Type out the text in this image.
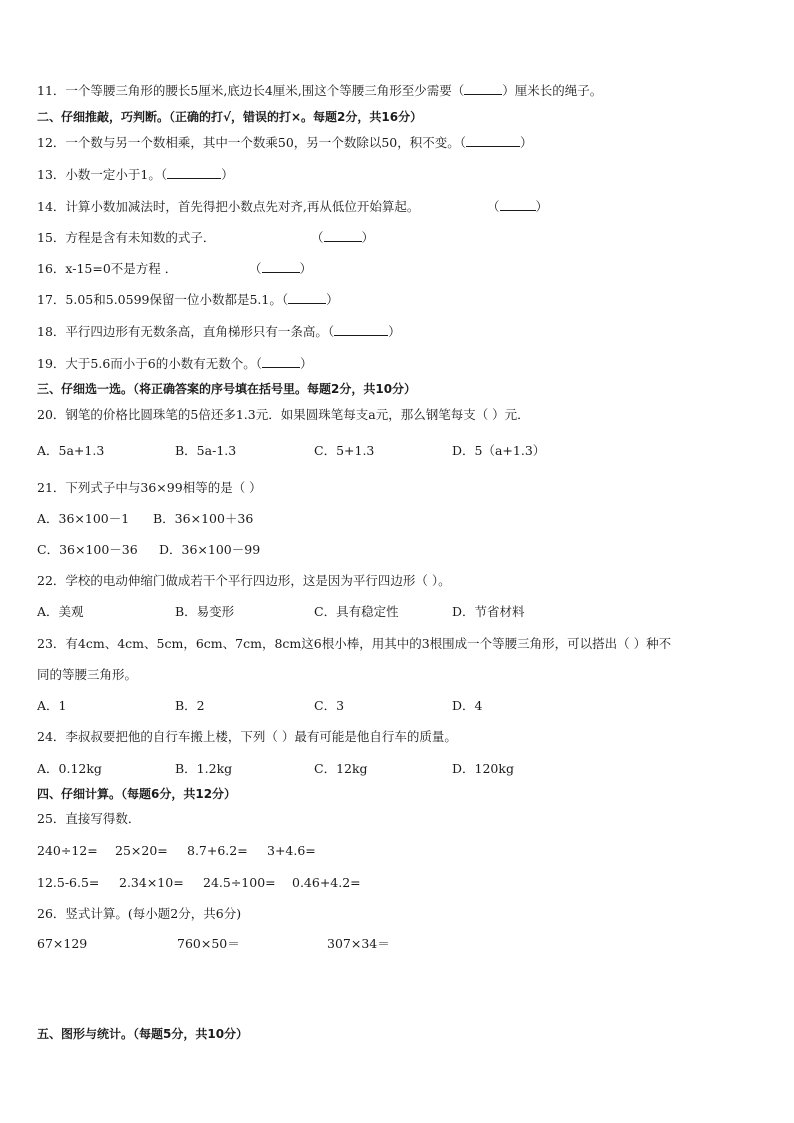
11．一个等腰三角形的腰长5厘米,底边长4厘米,围这个等腰三角形至少需要（	）厘米长的绳子。
二、仔细推敲，巧判断。（正确的打√，错误的打×。每题2分，共16分）
12．一个数与另一个数相乘，其中一个数乘50，另一个数除以50，积不变。（	）
13．小数一定小于1。（	）
14．计算小数加减法时，首先得把小数点先对齐,再从低位开始算起。	（	）
15．方程是含有未知数的式子．	（	）
16．x-15=0不是方程 ．	（	）
17．5.05和5.0599保留一位小数都是5.1。（	）
18．平行四边形有无数条高，直角梯形只有一条高。（	）
19．大于5.6而小于6的小数有无数个。（	）
三、仔细选一选。（将正确答案的序号填在括号里。每题2分，共10分）
20．钢笔的价格比圆珠笔的5倍还多1.3元．如果圆珠笔每支a元，那么钢笔每支（ ）元．
A．5a+1.3	B．5a-1.3	C．5+1.3	D．5（a+1.3）
21．下列式子中与36×99相等的是（ ）
A．36×100－1 B．36×100＋36
C．36×100－36 D．36×100－99
22．学校的电动伸缩门做成若干个平行四边形，这是因为平行四边形（ ）。
A．美观	B．易变形	C．具有稳定性	D．节省材料
23．有4cm、4cm、5cm，6cm、7cm，8cm这6根小棒，用其中的3根围成一个等腰三角形，可以搭出（ ）种不
同的等腰三角形。
A．1	B．2	C．3	D．4
24．李叔叔要把他的自行车搬上楼，下列（ ）最有可能是他自行车的质量。
A．0.12kg	B．1.2kg	C．12kg	D．120kg
四、仔细计算。（每题6分，共12分）
25．直接写得数．
240÷12= 25×20= 8.7+6.2= 3+4.6=
12.5-6.5= 2.34×10= 24.5÷100= 0.46+4.2=
26．竖式计算。(每小题2分，共6分)
67×129	760×50＝	307×34＝
五、图形与统计。（每题5分，共10分）
